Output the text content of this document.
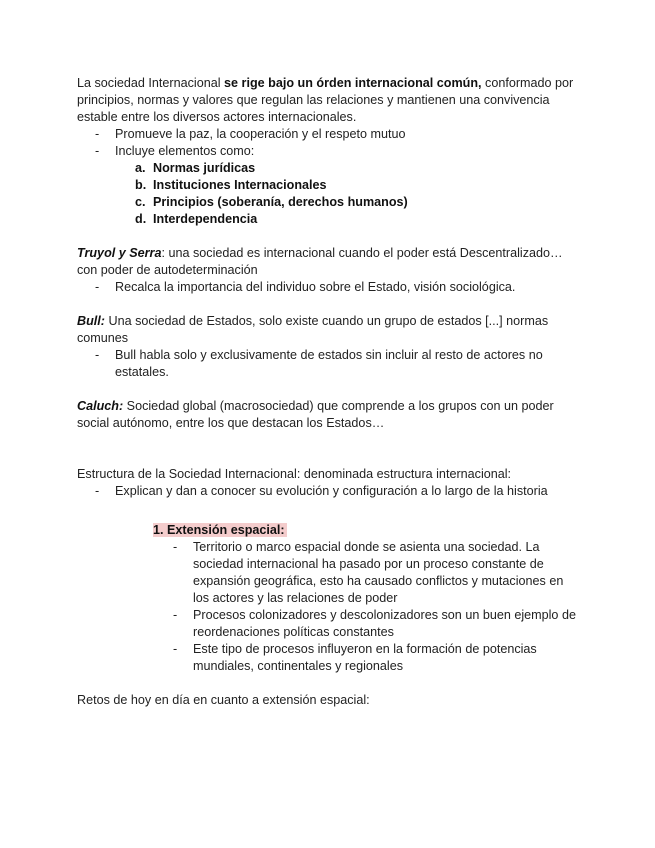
La sociedad Internacional se rige bajo un órden internacional común, conformado por principios, normas y valores que regulan las relaciones y mantienen una convivencia estable entre los diversos actores internacionales.

- Promueve la paz, la cooperación y el respeto mutuo

- Incluye elementos como:

a. Normas jurídicas

b. Instituciones Internacionales

c. Principios (soberanía, derechos humanos)

d. Interdependencia

Truyol y Serra: una sociedad es internacional cuando el poder está Descentralizado… con poder de autodeterminación

- Recalca la importancia del individuo sobre el Estado, visión sociológica.

Bull: Una sociedad de Estados, solo existe cuando un grupo de estados [...] normas comunes

- Bull habla solo y exclusivamente de estados sin incluir al resto de actores no estatales.

Caluch: Sociedad global (macrosociedad) que comprende a los grupos con un poder social autónomo, entre los que destacan los Estados…

Estructura de la Sociedad Internacional: denominada estructura internacional:

- Explican y dan a conocer su evolución y configuración a lo largo de la historia

1. Extensión espacial:

- Territorio o marco espacial donde se asienta una sociedad. La sociedad internacional ha pasado por un proceso constante de expansión geográfica, esto ha causado conflictos y mutaciones en los actores y las relaciones de poder

- Procesos colonizadores y descolonizadores son un buen ejemplo de reordenaciones políticas constantes

- Este tipo de procesos influyeron en la formación de potencias mundiales, continentales y regionales

Retos de hoy en día en cuanto a extensión espacial:
